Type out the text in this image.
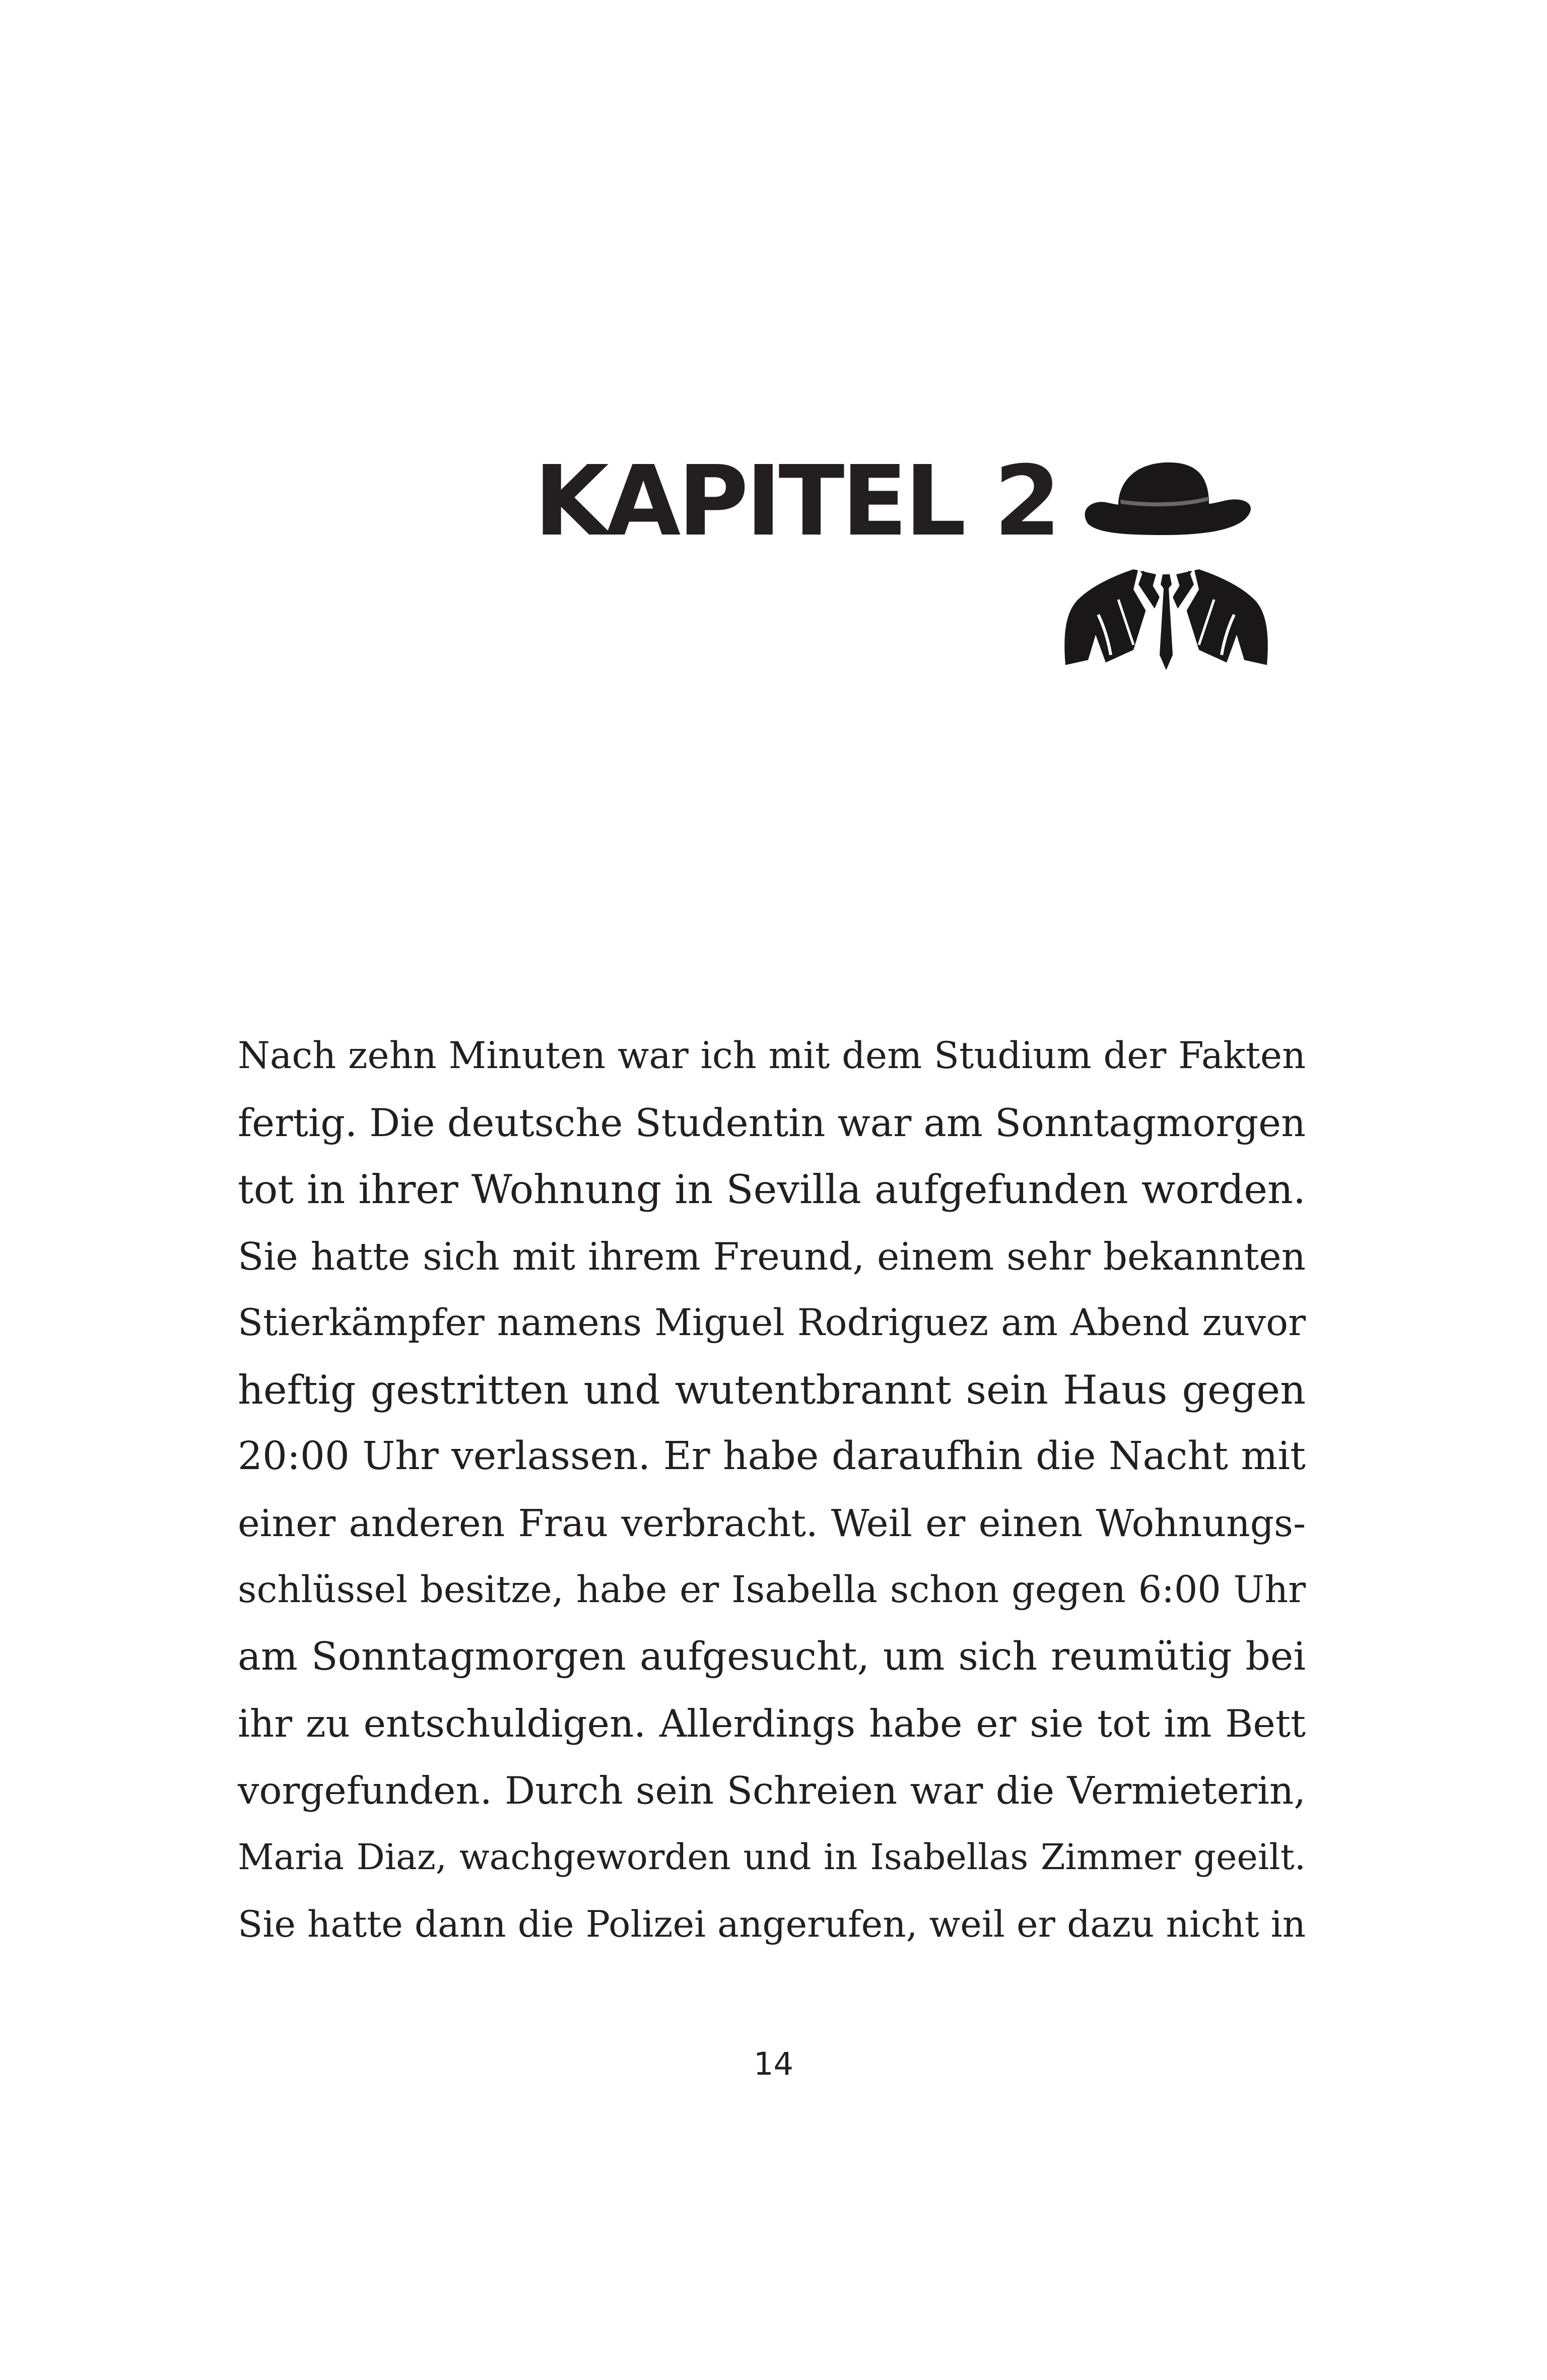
KAPITEL 2
Nach zehn Minuten war ich mit dem Studium der Fakten
fertig. Die deutsche Studentin war am Sonntagmorgen
tot in ihrer Wohnung in Sevilla aufgefunden worden.
Sie hatte sich mit ihrem Freund, einem sehr bekannten
Stierkämpfer namens Miguel Rodriguez am Abend zuvor
heftig gestritten und wutentbrannt sein Haus gegen
20:00 Uhr verlassen. Er habe daraufhin die Nacht mit
einer anderen Frau verbracht. Weil er einen Wohnungs-
schlüssel besitze, habe er Isabella schon gegen 6:00 Uhr
am Sonntagmorgen aufgesucht, um sich reumütig bei
ihr zu entschuldigen. Allerdings habe er sie tot im Bett
vorgefunden. Durch sein Schreien war die Vermieterin,
Maria Diaz, wachgeworden und in Isabellas Zimmer geeilt.
Sie hatte dann die Polizei angerufen, weil er dazu nicht in
14
